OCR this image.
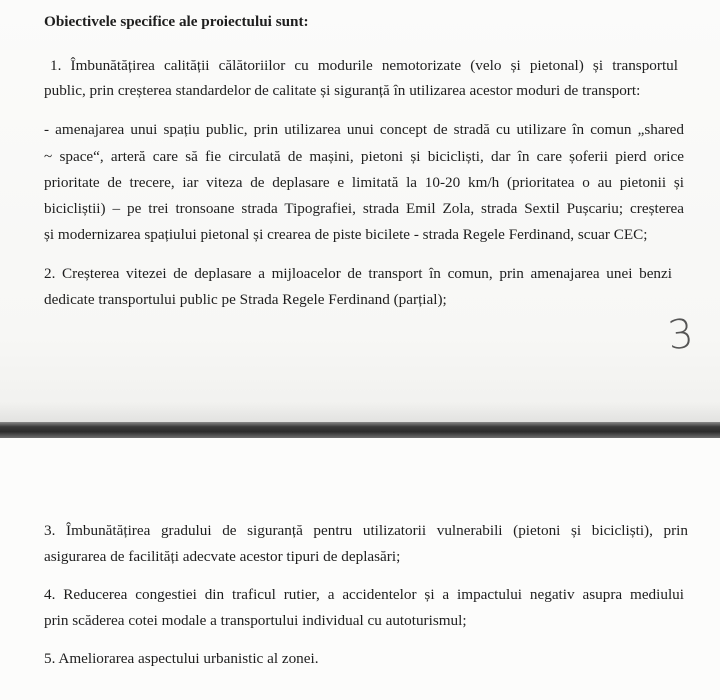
Obiectivele specifice ale proiectului sunt:
1. Îmbunătățirea calității călătoriilor cu modurile nemotorizate (velo și pietonal) și transportul
public, prin creșterea standardelor de calitate și siguranță în utilizarea acestor moduri de transport:
- amenajarea unui spațiu public, prin utilizarea unui concept de stradă cu utilizare în comun „shared
~ space“, arteră care să fie circulată de mașini, pietoni și bicicliști, dar în care șoferii pierd orice
prioritate de trecere, iar viteza de deplasare e limitată la 10-20 km/h (prioritatea o au pietonii și
bicicliștii) – pe trei tronsoane strada Tipografiei, strada Emil Zola, strada Sextil Pușcariu; creșterea
și modernizarea spațiului pietonal și crearea de piste bicilete - strada Regele Ferdinand, scuar CEC;
2. Creșterea vitezei de deplasare a mijloacelor de transport în comun, prin amenajarea unei benzi
dedicate transportului public pe Strada Regele Ferdinand (parțial);
3
3. Îmbunătățirea gradului de siguranță pentru utilizatorii vulnerabili (pietoni și bicicliști), prin
asigurarea de facilități adecvate acestor tipuri de deplasări;
4. Reducerea congestiei din traficul rutier, a accidentelor și a impactului negativ asupra mediului
prin scăderea cotei modale a transportului individual cu autoturismul;
5. Ameliorarea aspectului urbanistic al zonei.
